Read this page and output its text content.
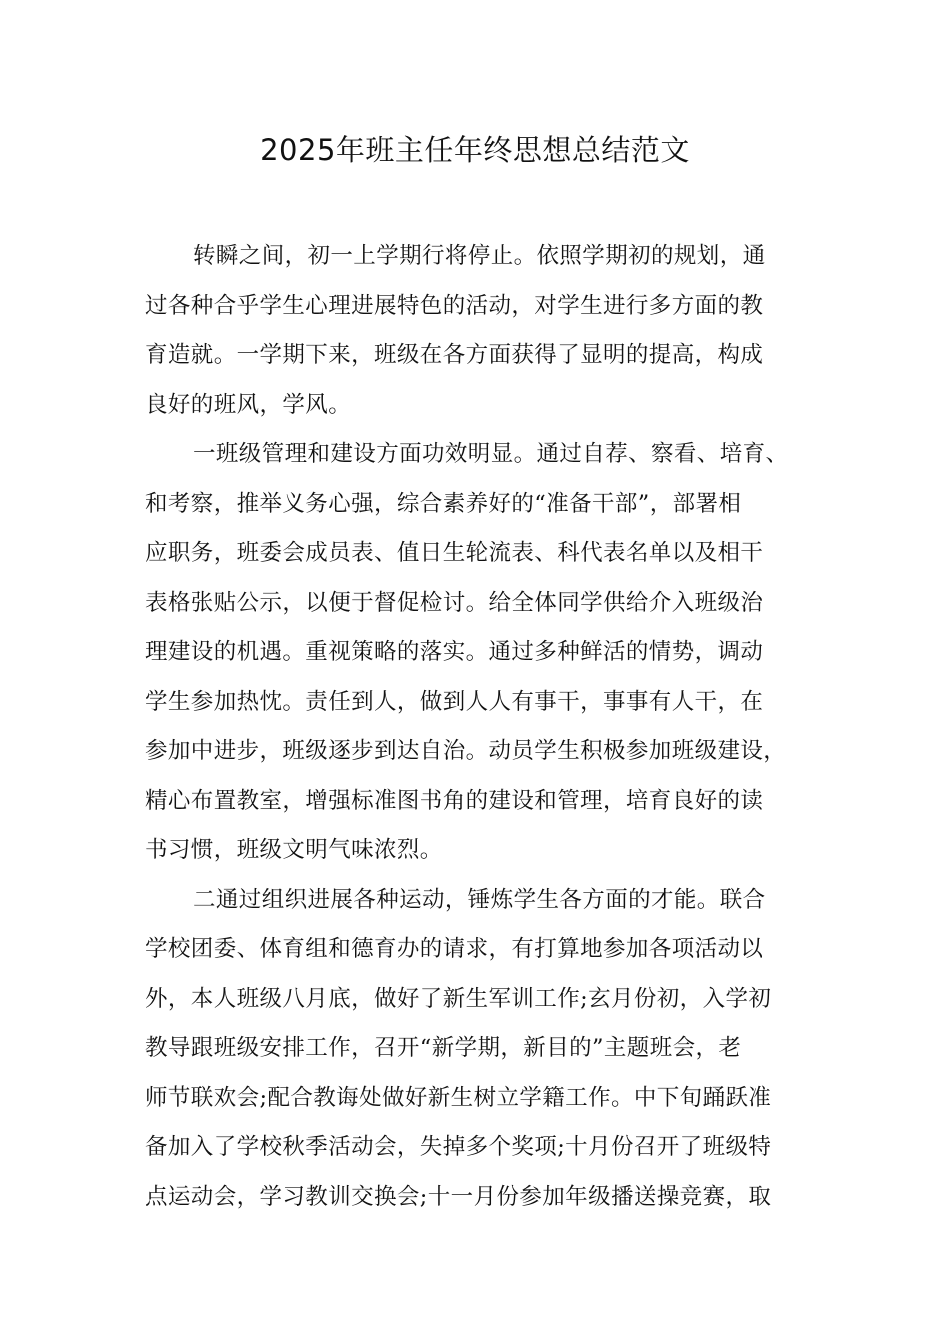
2025年班主任年终思想总结范文
转瞬之间，初一上学期行将停止。依照学期初的规划，通
过各种合乎学生心理进展特色的活动，对学生进行多方面的教
育造就。一学期下来，班级在各方面获得了显明的提高，构成
良好的班风，学风。
一班级管理和建设方面功效明显。通过自荐、察看、培育、
和考察，推举义务心强，综合素养好的“准备干部”，部署相
应职务，班委会成员表、值日生轮流表、科代表名单以及相干
表格张贴公示，以便于督促检讨。给全体同学供给介入班级治
理建设的机遇。重视策略的落实。通过多种鲜活的情势，调动
学生参加热忱。责任到人，做到人人有事干，事事有人干，在
参加中进步，班级逐步到达自治。动员学生积极参加班级建设，
精心布置教室，增强标准图书角的建设和管理，培育良好的读
书习惯，班级文明气味浓烈。
二通过组织进展各种运动，锤炼学生各方面的才能。联合
学校团委、体育组和德育办的请求，有打算地参加各项活动以
外，本人班级八月底，做好了新生军训工作;玄月份初，入学初
教导跟班级安排工作，召开“新学期，新目的”主题班会，老
师节联欢会;配合教诲处做好新生树立学籍工作。中下旬踊跃准
备加入了学校秋季活动会，失掉多个奖项;十月份召开了班级特
点运动会，学习教训交换会;十一月份参加年级播送操竞赛，取
